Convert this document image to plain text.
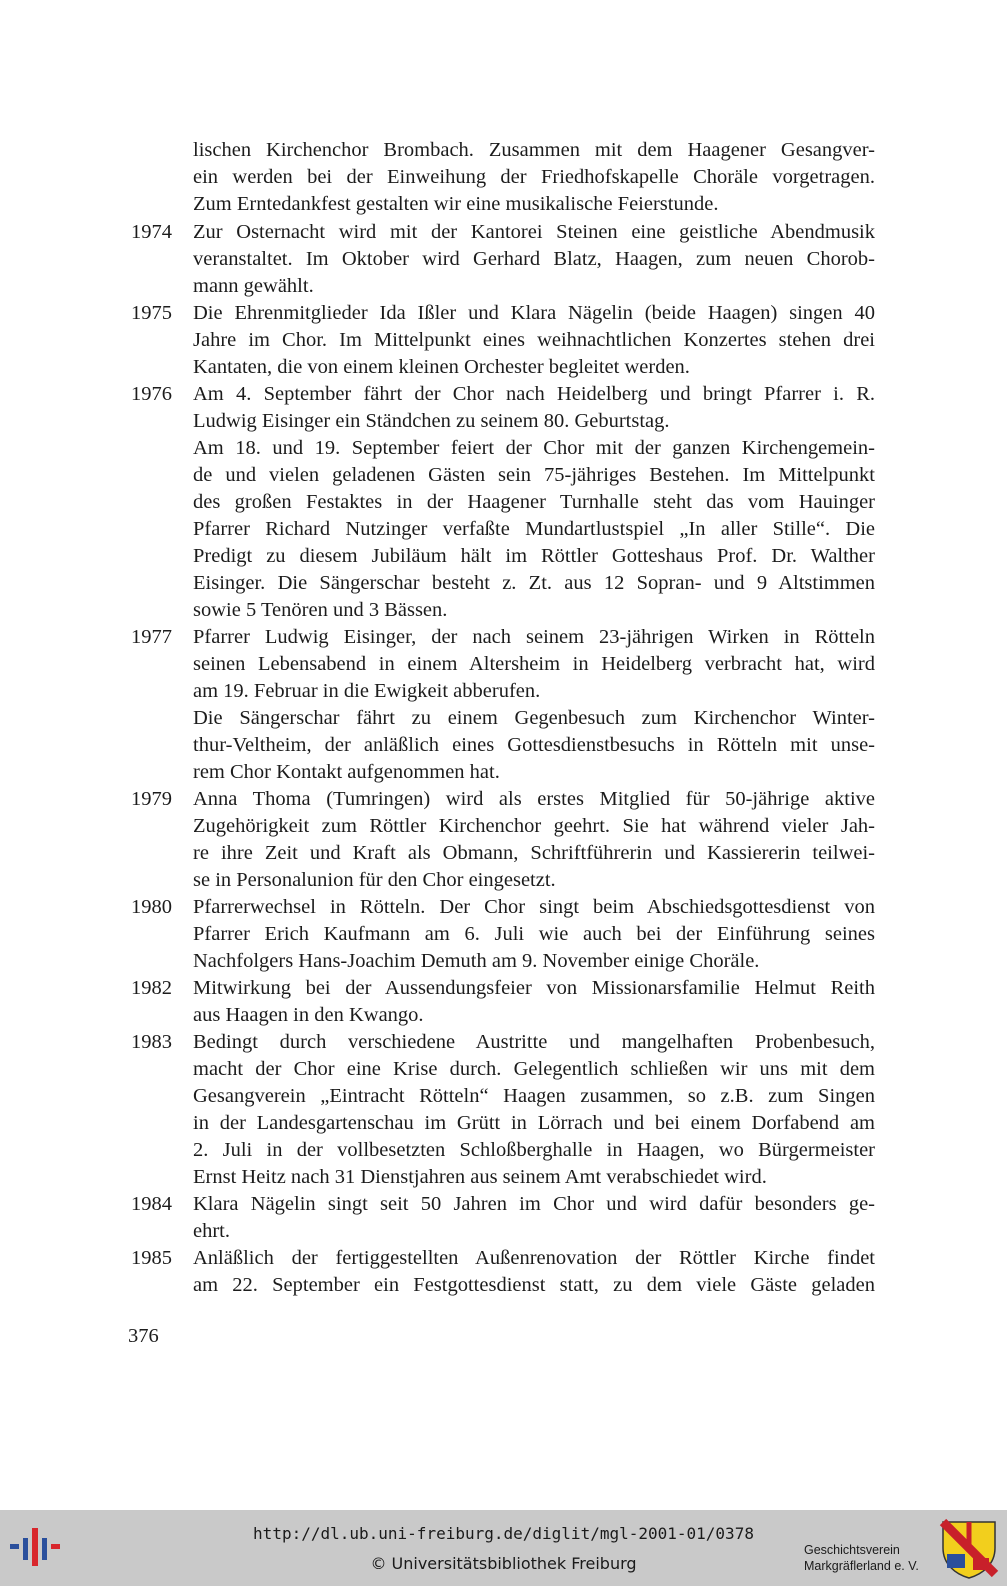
lischen Kirchenchor Brombach. Zusammen mit dem Haagener Gesangver-
ein werden bei der Einweihung der Friedhofskapelle Choräle vorgetragen.
Zum Erntedankfest gestalten wir eine musikalische Feierstunde.
Zur Osternacht wird mit der Kantorei Steinen eine geistliche Abendmusik
veranstaltet. Im Oktober wird Gerhard Blatz, Haagen, zum neuen Chorob-
mann gewählt.
Die Ehrenmitglieder Ida Ißler und Klara Nägelin (beide Haagen) singen 40
Jahre im Chor. Im Mittelpunkt eines weihnachtlichen Konzertes stehen drei
Kantaten, die von einem kleinen Orchester begleitet werden.
Am 4. September fährt der Chor nach Heidelberg und bringt Pfarrer i. R.
Ludwig Eisinger ein Ständchen zu seinem 80. Geburtstag.
Am 18. und 19. September feiert der Chor mit der ganzen Kirchengemein-
de und vielen geladenen Gästen sein 75-jähriges Bestehen. Im Mittelpunkt
des großen Festaktes in der Haagener Turnhalle steht das vom Hauinger
Pfarrer Richard Nutzinger verfaßte Mundartlustspiel „In aller Stille“. Die
Predigt zu diesem Jubiläum hält im Röttler Gotteshaus Prof. Dr. Walther
Eisinger. Die Sängerschar besteht z. Zt. aus 12 Sopran- und 9 Altstimmen
sowie 5 Tenören und 3 Bässen.
Pfarrer Ludwig Eisinger, der nach seinem 23-jährigen Wirken in Rötteln
seinen Lebensabend in einem Altersheim in Heidelberg verbracht hat, wird
am 19. Februar in die Ewigkeit abberufen.
Die Sängerschar fährt zu einem Gegenbesuch zum Kirchenchor Winter-
thur-Veltheim, der anläßlich eines Gottesdienstbesuchs in Rötteln mit unse-
rem Chor Kontakt aufgenommen hat.
Anna Thoma (Tumringen) wird als erstes Mitglied für 50-jährige aktive
Zugehörigkeit zum Röttler Kirchenchor geehrt. Sie hat während vieler Jah-
re ihre Zeit und Kraft als Obmann, Schriftführerin und Kassiererin teilwei-
se in Personalunion für den Chor eingesetzt.
Pfarrerwechsel in Rötteln. Der Chor singt beim Abschiedsgottesdienst von
Pfarrer Erich Kaufmann am 6. Juli wie auch bei der Einführung seines
Nachfolgers Hans-Joachim Demuth am 9. November einige Choräle.
Mitwirkung bei der Aussendungsfeier von Missionarsfamilie Helmut Reith
aus Haagen in den Kwango.
Bedingt durch verschiedene Austritte und mangelhaften Probenbesuch,
macht der Chor eine Krise durch. Gelegentlich schließen wir uns mit dem
Gesangverein „Eintracht Rötteln“ Haagen zusammen, so z.B. zum Singen
in der Landesgartenschau im Grütt in Lörrach und bei einem Dorfabend am
2. Juli in der vollbesetzten Schloßberghalle in Haagen, wo Bürgermeister
Ernst Heitz nach 31 Dienstjahren aus seinem Amt verabschiedet wird.
Klara Nägelin singt seit 50 Jahren im Chor und wird dafür besonders ge-
ehrt.
Anläßlich der fertiggestellten Außenrenovation der Röttler Kirche findet
am 22. September ein Festgottesdienst statt, zu dem viele Gäste geladen
1974
1975
1976
1977
1979
1980
1982
1983
1984
1985
376
http://dl.ub.uni-freiburg.de/diglit/mgl-2001-01/0378
© Universitätsbibliothek Freiburg
Geschichtsverein
Markgräflerland e. V.
